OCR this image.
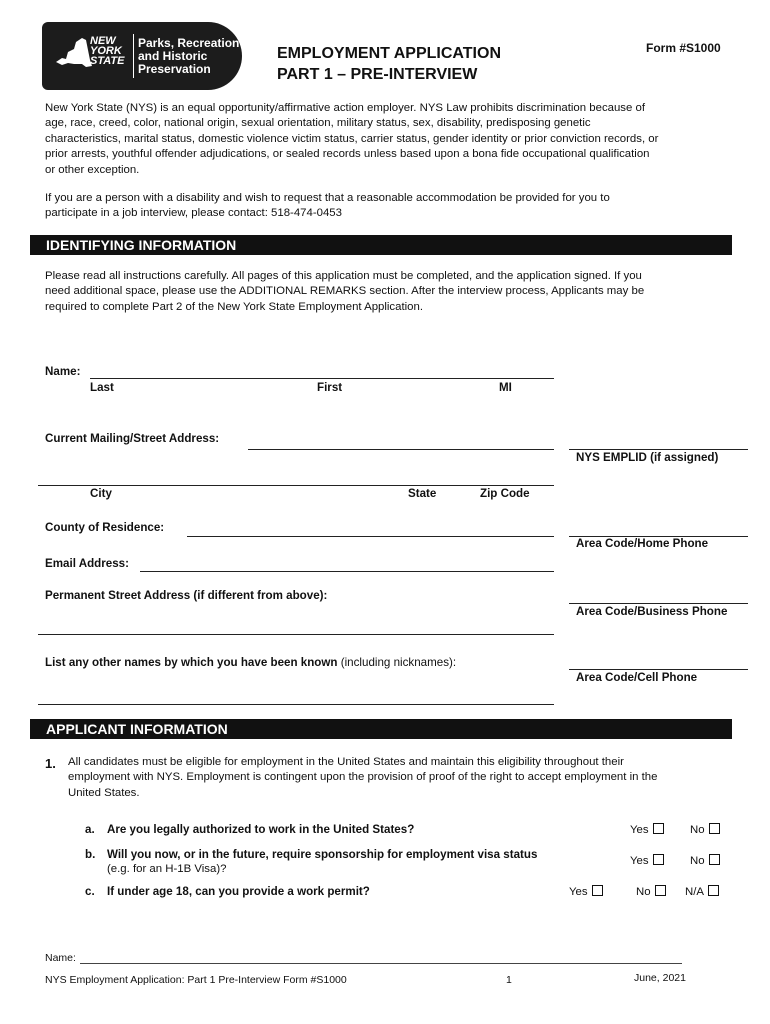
NEW
YORK
STATE
Parks, Recreation
and Historic
Preservation
EMPLOYMENT APPLICATION
PART 1 – PRE-INTERVIEW
Form #S1000
New York State (NYS) is an equal opportunity/affirmative action employer. NYS Law prohibits discrimination because of
age, race, creed, color, national origin, sexual orientation, military status, sex, disability, predisposing genetic
characteristics, marital status, domestic violence victim status, carrier status, gender identity or prior conviction records, or
prior arrests, youthful offender adjudications, or sealed records unless based upon a bona fide occupational qualification
or other exception.
If you are a person with a disability and wish to request that a reasonable accommodation be provided for you to
participate in a job interview, please contact: 518-474-0453
IDENTIFYING INFORMATION
Please read all instructions carefully. All pages of this application must be completed, and the application signed. If you
need additional space, please use the ADDITIONAL REMARKS section. After the interview process, Applicants may be
required to complete Part 2 of the New York State Employment Application.
Name:
Last	First	MI
Current Mailing/Street Address:
NYS EMPLID (if assigned)
City	State	Zip Code
County of Residence:
Area Code/Home Phone
Email Address:
Permanent Street Address (if different from above):
Area Code/Business Phone
List any other names by which you have been known (including nicknames):
Area Code/Cell Phone
APPLICANT INFORMATION
1. All candidates must be eligible for employment in the United States and maintain this eligibility throughout their
employment with NYS. Employment is contingent upon the provision of proof of the right to accept employment in the
United States.
a. Are you legally authorized to work in the United States?	Yes	No
b. Will you now, or in the future, require sponsorship for employment visa status
(e.g. for an H-1B Visa)?
Yes	No
c. If under age 18, can you provide a work permit?	Yes	No	N/A
Name:
NYS Employment Application: Part 1 Pre-Interview Form #S1000	1	June, 2021
